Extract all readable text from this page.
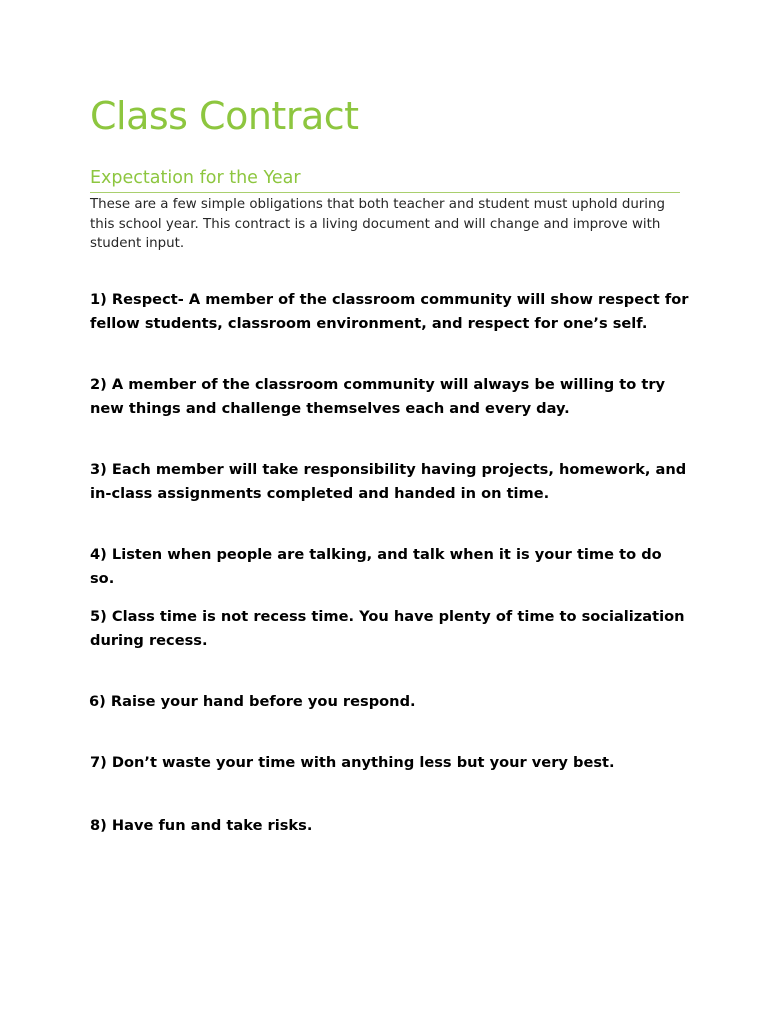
Class Contract
Expectation for the Year

These are a few simple obligations that both teacher and student must uphold during
this school year. This contract is a living document and will change and improve with
student input.

1) Respect- A member of the classroom community will show respect for
fellow students, classroom environment, and respect for one’s self.
2) A member of the classroom community will always be willing to try
new things and challenge themselves each and every day.
3) Each member will take responsibility having projects, homework, and
in-class assignments completed and handed in on time.
4) Listen when people are talking, and talk when it is your time to do so.
5) Class time is not recess time. You have plenty of time to socialization
during recess.
6) Raise your hand before you respond.
7) Don’t waste your time with anything less but your very best.
8) Have fun and take risks.
